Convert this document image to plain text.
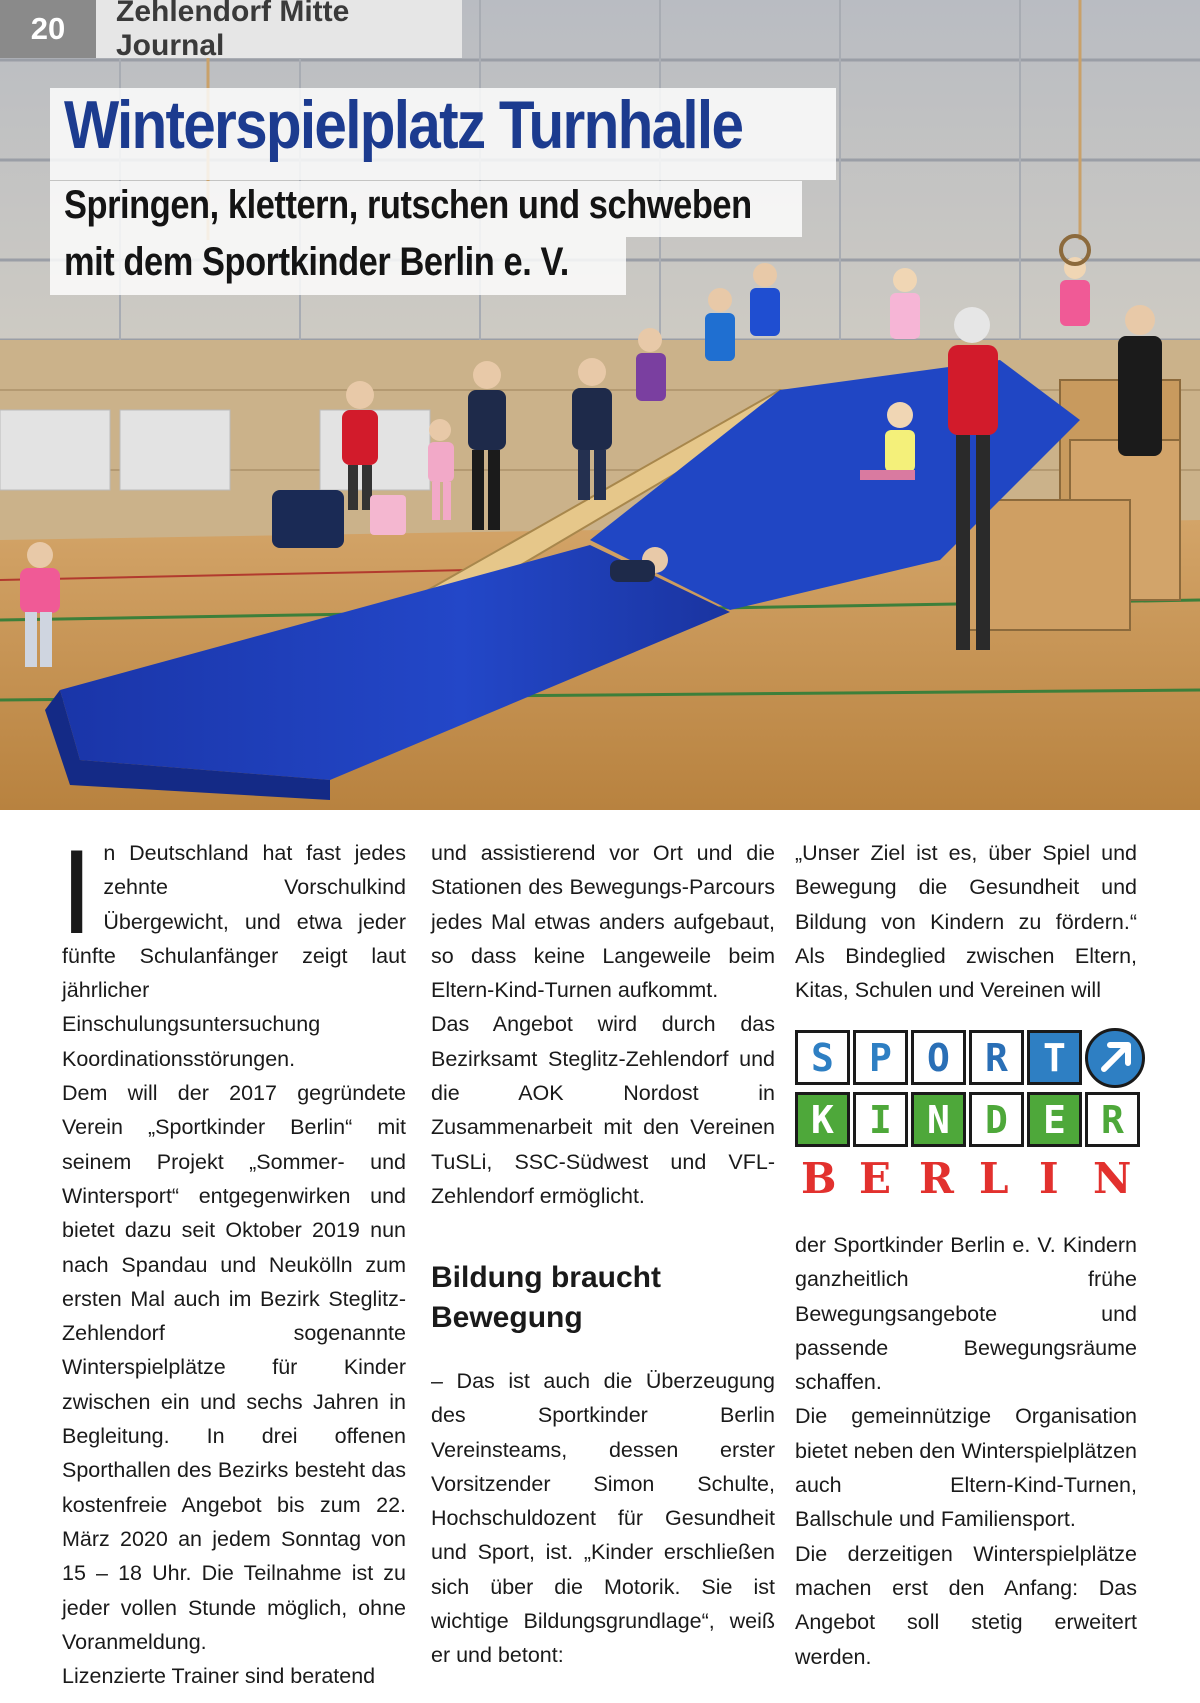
20	Zehlendorf Mitte Journal
Winterspielplatz Turnhalle
Springen, klettern, rutschen und schweben
mit dem Sportkinder Berlin e. V.

In Deutschland hat fast jedes zehnte Vorschulkind Übergewicht, und etwa jeder fünfte Schulanfänger zeigt laut jährlicher Einschulungsuntersuchung Koordinationsstörungen.

Dem will der 2017 gegründete Verein „Sportkinder Berlin“ mit seinem Projekt „Sommer- und Wintersport“ entgegenwirken und bietet dazu seit Oktober 2019 nun nach Spandau und Neukölln zum ersten Mal auch im Bezirk Steglitz-Zehlendorf sogenannte Winterspielplätze für Kinder zwischen ein und sechs Jahren in Begleitung. In drei offenen Sporthallen des Bezirks besteht das kostenfreie Angebot bis zum 22. März 2020 an jedem Sonntag von 15 – 18 Uhr. Die Teilnahme ist zu jeder vollen Stunde möglich, ohne Voranmeldung.

Lizenzierte Trainer sind beratend

und assistierend vor Ort und die Stationen des Bewegungs-Parcours jedes Mal etwas anders aufgebaut, so dass keine Langeweile beim Eltern-Kind-Turnen aufkommt.

Das Angebot wird durch das Bezirksamt Steglitz-Zehlendorf und die AOK Nordost in Zusammenarbeit mit den Vereinen TuSLi, SSC-Südwest und VFL-Zehlendorf ermöglicht.

Bildung braucht Bewegung

– Das ist auch die Überzeugung des Sportkinder Berlin Vereinsteams, dessen erster Vorsitzender Simon Schulte, Hochschuldozent für Gesundheit und Sport, ist. „Kinder erschließen sich über die Motorik. Sie ist wichtige Bildungsgrundlage“, weiß er und betont:

„Unser Ziel ist es, über Spiel und Bewegung die Gesundheit und Bildung von Kindern zu fördern.“ Als Bindeglied zwischen Eltern, Kitas, Schulen und Vereinen will

S P O R T
K I N D E R
B E R L I N

der Sportkinder Berlin e. V. Kindern ganzheitlich frühe Bewegungsangebote und passende Bewegungsräume schaffen.

Die gemeinnützige Organisation bietet neben den Winterspielplätzen auch Eltern-Kind-Turnen, Ballschule und Familiensport.

Die derzeitigen Winterspielplätze machen erst den Anfang: Das Angebot soll stetig erweitert werden.
